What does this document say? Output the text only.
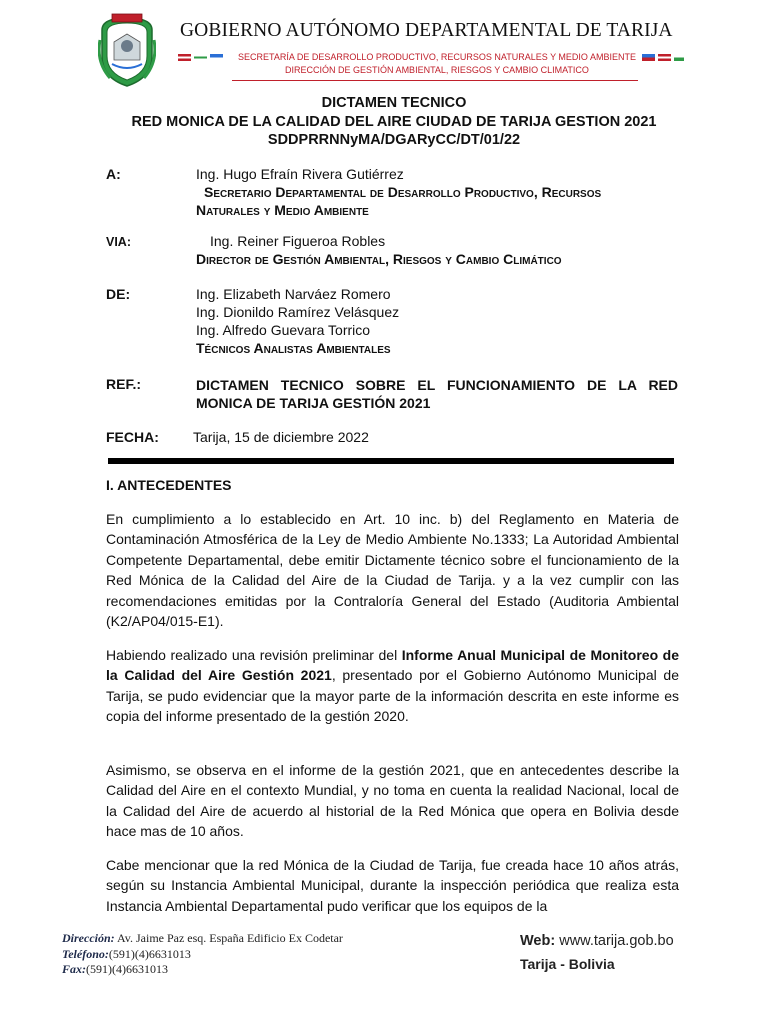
GOBIERNO AUTÓNOMO DEPARTAMENTAL DE TARIJA
SECRETARÍA DE DESARROLLO PRODUCTIVO, RECURSOS NATURALES Y MEDIO AMBIENTE
DIRECCIÓN DE GESTIÓN AMBIENTAL, RIESGOS Y CAMBIO CLIMATICO
DICTAMEN TECNICO
RED MONICA DE LA CALIDAD DEL AIRE CIUDAD DE TARIJA GESTION 2021
SDDPRRNNyMA/DGARyCC/DT/01/22
A:	Ing. Hugo Efraín Rivera Gutiérrez
Secretario Departamental de Desarrollo Productivo, Recursos
Naturales y Medio Ambiente
VIA:	Ing. Reiner Figueroa Robles
Director de Gestión Ambiental, Riesgos y Cambio Climático
DE:	Ing. Elizabeth Narváez Romero
Ing. Dionildo Ramírez Velásquez
Ing. Alfredo Guevara Torrico
Técnicos Analistas Ambientales
REF.:	DICTAMEN TECNICO SOBRE EL FUNCIONAMIENTO DE LA RED MONICA DE TARIJA GESTIÓN 2021
FECHA: Tarija, 15 de diciembre 2022
I. ANTECEDENTES

En cumplimiento a lo establecido en Art. 10 inc. b) del Reglamento en Materia de Contaminación Atmosférica de la Ley de Medio Ambiente No.1333; La Autoridad Ambiental Competente Departamental, debe emitir Dictamente técnico sobre el funcionamiento de la Red Mónica de la Calidad del Aire de la Ciudad de Tarija. y a la vez cumplir con las recomendaciones emitidas por la Contraloría General del Estado (Auditoria Ambiental (K2/AP04/015-E1).

Habiendo realizado una revisión preliminar del Informe Anual Municipal de Monitoreo de la Calidad del Aire Gestión 2021, presentado por el Gobierno Autónomo Municipal de Tarija, se pudo evidenciar que la mayor parte de la información descrita en este informe es copia del informe presentado de la gestión 2020.

Asimismo, se observa en el informe de la gestión 2021, que en antecedentes describe la Calidad del Aire en el contexto Mundial, y no toma en cuenta la realidad Nacional, local de la Calidad del Aire de acuerdo al historial de la Red Mónica que opera en Bolivia desde hace mas de 10 años.

Cabe mencionar que la red Mónica de la Ciudad de Tarija, fue creada hace 10 años atrás, según su Instancia Ambiental Municipal, durante la inspección periódica que realiza esta Instancia Ambiental Departamental pudo verificar que los equipos de la

Dirección: Av. Jaime Paz esq. España Edificio Ex Codetar
Teléfono:(591)(4)6631013
Fax:(591)(4)6631013
Web: www.tarija.gob.bo
Tarija - Bolivia
